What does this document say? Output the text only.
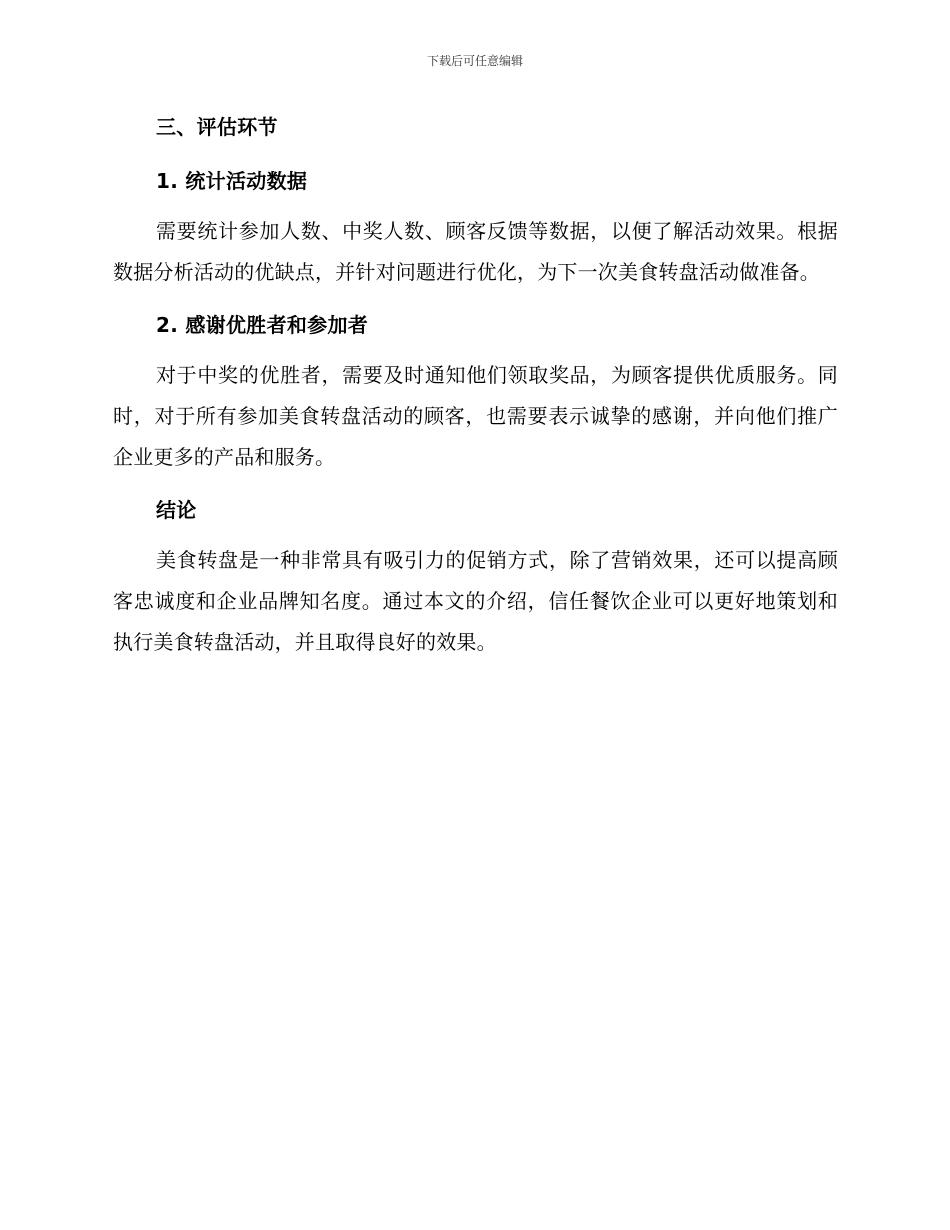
下载后可任意编辑
三、评估环节
1. 统计活动数据

需要统计参加人数、中奖人数、顾客反馈等数据，以便了解活动效果。根据数据分析活动的优缺点，并针对问题进行优化，为下一次美食转盘活动做准备。

2. 感谢优胜者和参加者

对于中奖的优胜者，需要及时通知他们领取奖品，为顾客提供优质服务。同时，对于所有参加美食转盘活动的顾客，也需要表示诚挚的感谢，并向他们推广企业更多的产品和服务。

结论

美食转盘是一种非常具有吸引力的促销方式，除了营销效果，还可以提高顾客忠诚度和企业品牌知名度。通过本文的介绍，信任餐饮企业可以更好地策划和执行美食转盘活动，并且取得良好的效果。
